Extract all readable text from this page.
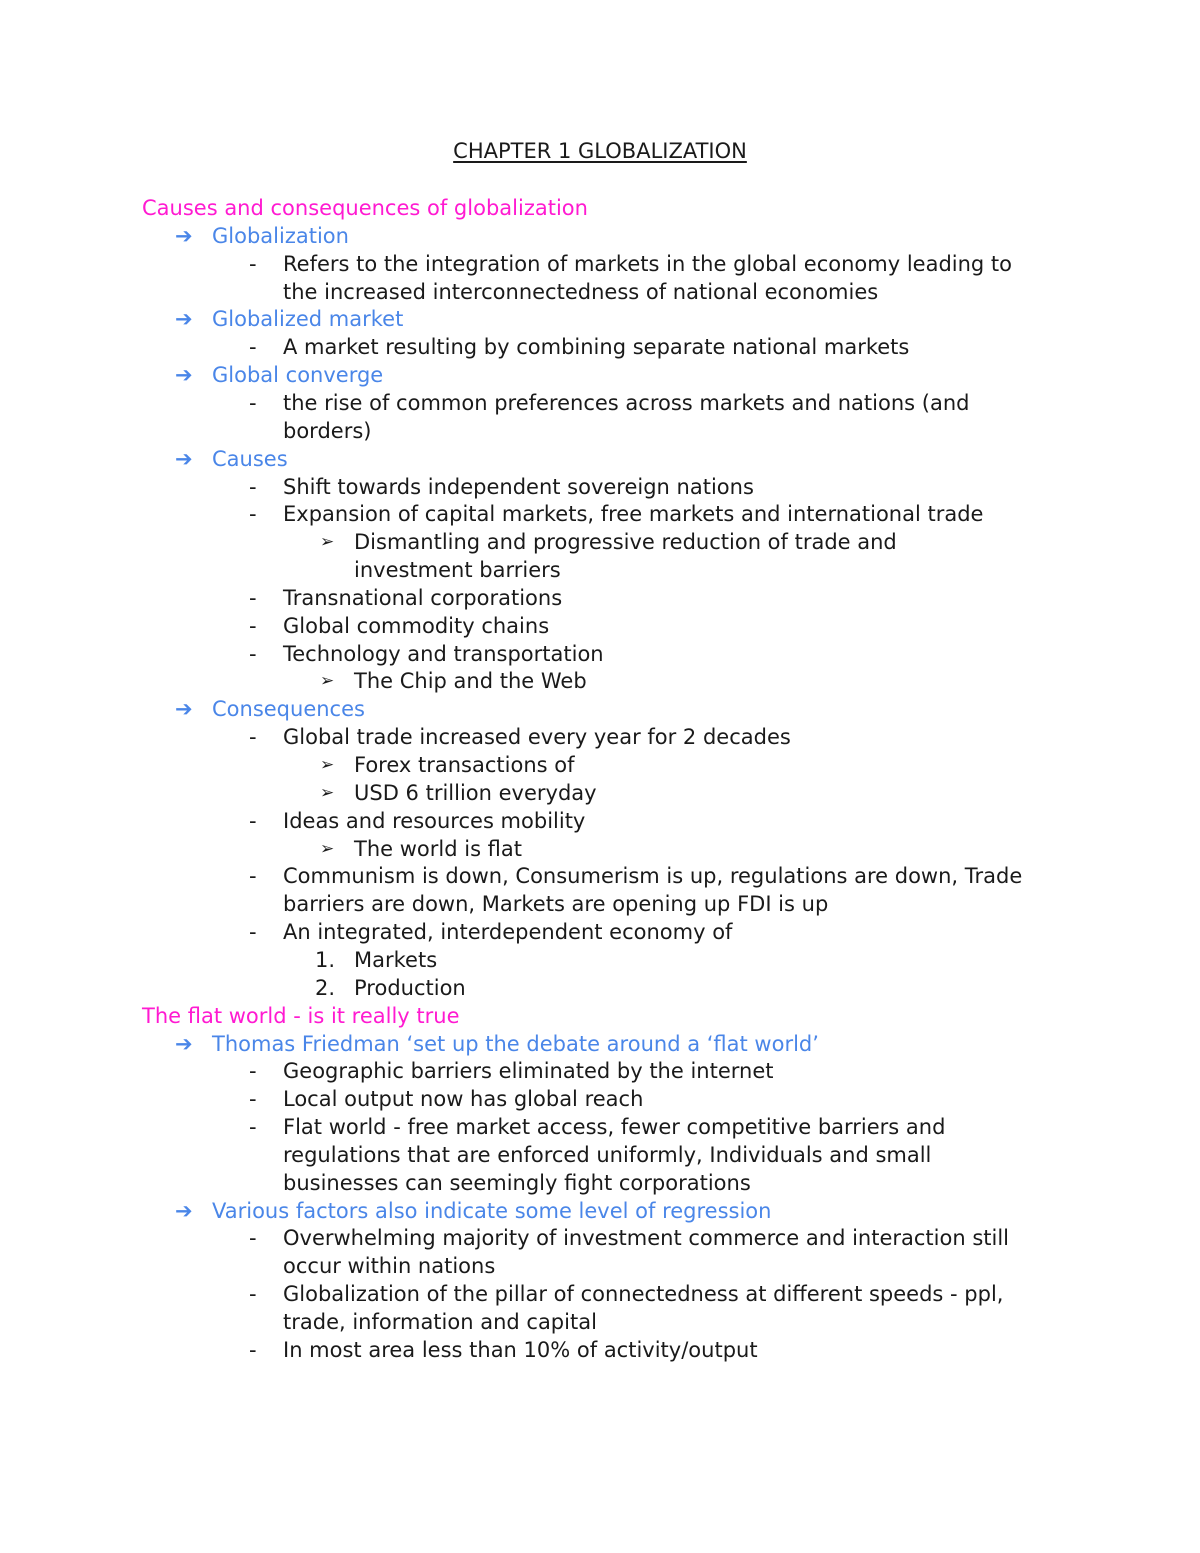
CHAPTER 1 GLOBALIZATION
Causes and consequences of globalization
➔ Globalization
- Refers to the integration of markets in the global economy leading to
the increased interconnectedness of national economies
➔ Globalized market
- A market resulting by combining separate national markets
➔ Global converge
- the rise of common preferences across markets and nations (and
borders)
➔ Causes
- Shift towards independent sovereign nations
- Expansion of capital markets, free markets and international trade
➢ Dismantling and progressive reduction of trade and
investment barriers
- Transnational corporations
- Global commodity chains
- Technology and transportation
➢ The Chip and the Web
➔ Consequences
- Global trade increased every year for 2 decades
➢ Forex transactions of
➢ USD 6 trillion everyday
- Ideas and resources mobility
➢ The world is flat
- Communism is down, Consumerism is up, regulations are down, Trade
barriers are down, Markets are opening up FDI is up
- An integrated, interdependent economy of
1. Markets
2. Production
The flat world - is it really true
➔ Thomas Friedman ‘set up the debate around a ‘flat world’
- Geographic barriers eliminated by the internet
- Local output now has global reach
- Flat world - free market access, fewer competitive barriers and
regulations that are enforced uniformly, Individuals and small
businesses can seemingly fight corporations
➔ Various factors also indicate some level of regression
- Overwhelming majority of investment commerce and interaction still
occur within nations
- Globalization of the pillar of connectedness at different speeds - ppl,
trade, information and capital
- In most area less than 10% of activity/output
